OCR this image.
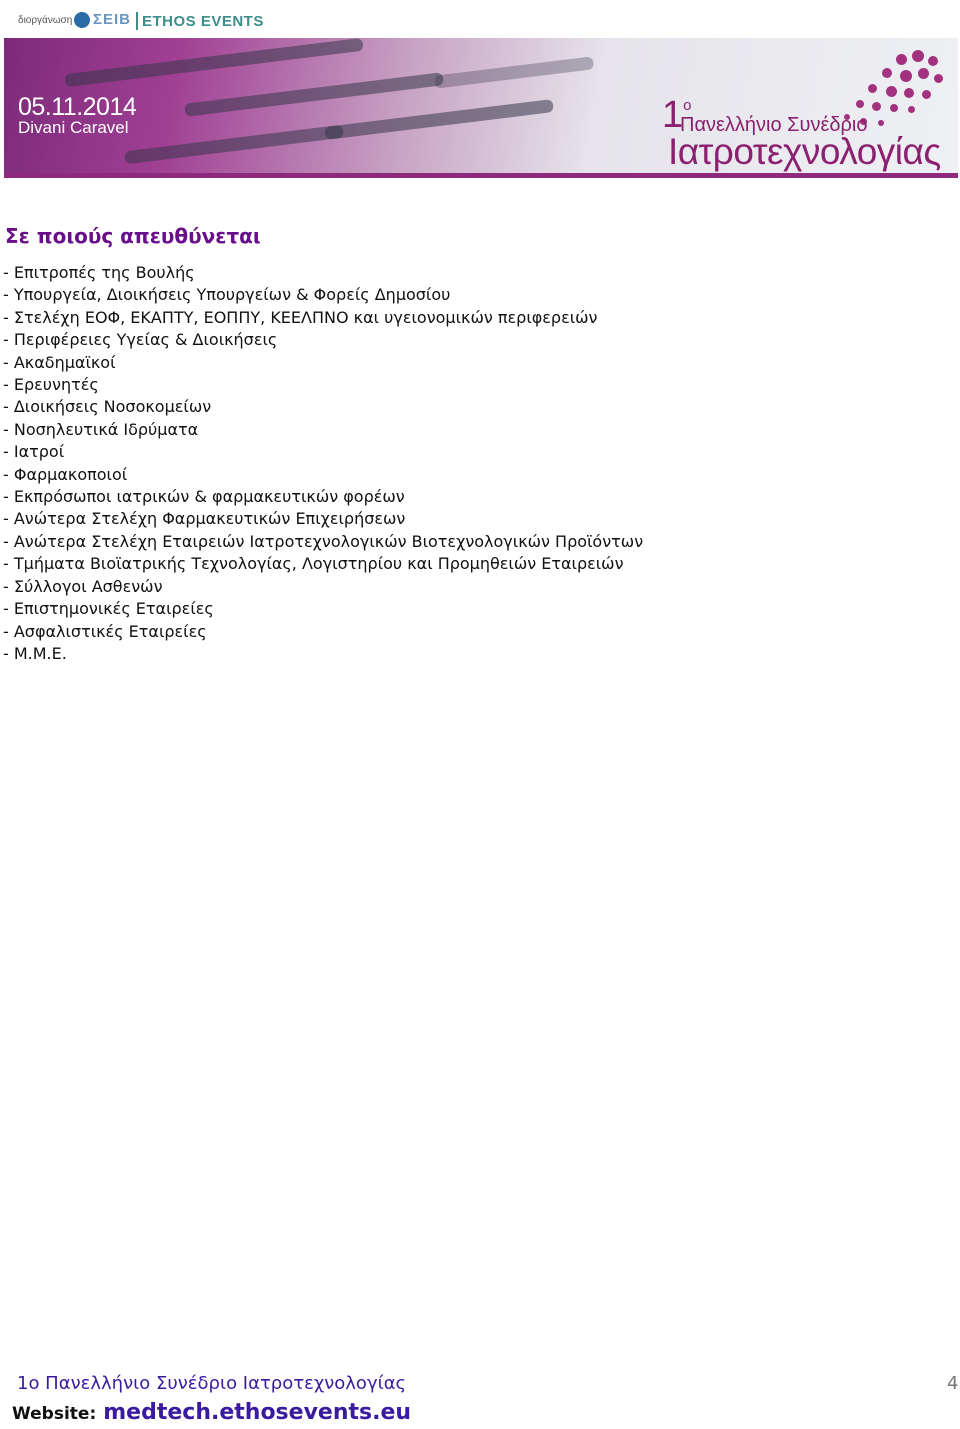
διοργάνωση ΣΕΙΒ ETHOS EVENTS
05.11.2014
Divani Caravel	$1^o$
Πανελλήνιο Συνέδριο
Ιατροτεχνολογίας
Σε ποιούς απευθύνεται
- Επιτροπές της Βουλής
- Υπουργεία, Διοικήσεις Υπουργείων & Φορείς Δημοσίου
- Στελέχη ΕΟΦ, ΕΚΑΠΤΥ, ΕΟΠΠΥ, ΚΕΕΛΠΝΟ και υγειονομικών περιφερειών
- Περιφέρειες Υγείας & Διοικήσεις
- Ακαδημαϊκοί
- Ερευνητές
- Διοικήσεις Νοσοκομείων
- Νοσηλευτικά Ιδρύματα
- Ιατροί
- Φαρμακοποιοί
- Εκπρόσωποι ιατρικών & φαρμακευτικών φορέων
- Ανώτερα Στελέχη Φαρμακευτικών Επιχειρήσεων
- Ανώτερα Στελέχη Εταιρειών Ιατροτεχνολογικών Βιοτεχνολογικών Προϊόντων
- Τμήματα Βιοϊατρικής Τεχνολογίας, Λογιστηρίου και Προμηθειών Εταιρειών
- Σύλλογοι Ασθενών
- Επιστημονικές Εταιρείες
- Ασφαλιστικές Εταιρείες
- Μ.Μ.Ε.
1ο Πανελλήνιο Συνέδριο Ιατροτεχνολογίας
Website: medtech.ethosevents.eu
4
